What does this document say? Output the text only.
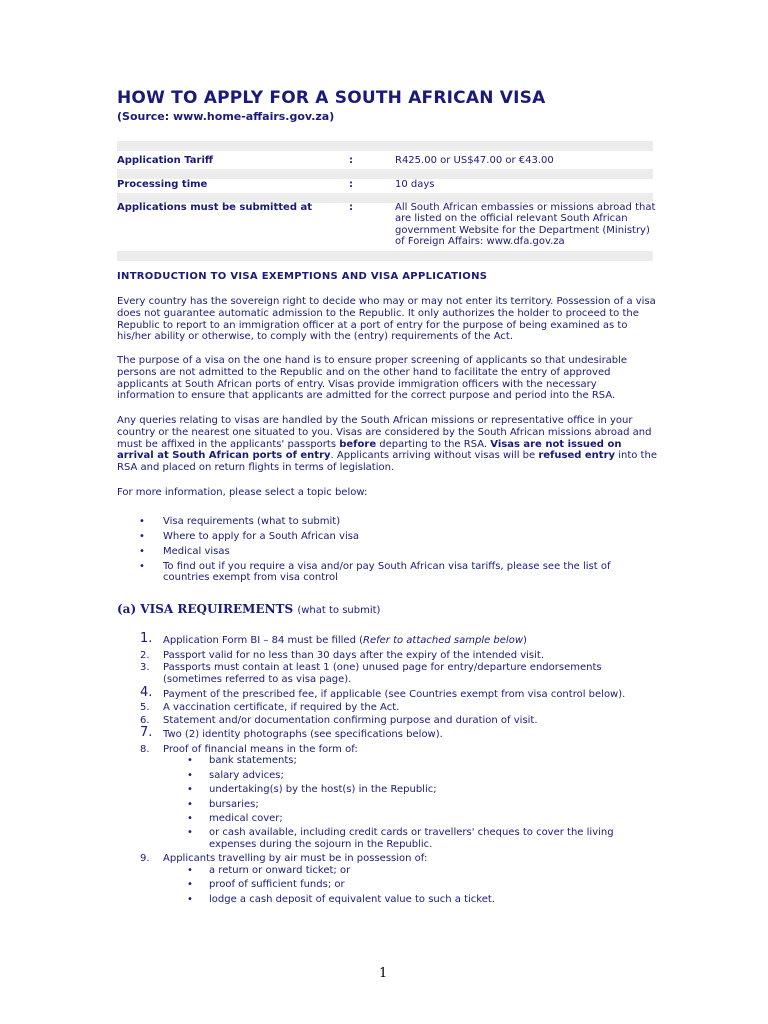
HOW TO APPLY FOR A SOUTH AFRICAN VISA
(Source: www.home-affairs.gov.za)
Application Tariff	:	R425.00 or US$47.00 or €43.00
Processing time	:	10 days
Applications must be submitted at	:	All South African embassies or missions abroad that are listed on the official relevant South African government Website for the Department (Ministry) of Foreign Affairs: www.dfa.gov.za
INTRODUCTION TO VISA EXEMPTIONS AND VISA APPLICATIONS
Every country has the sovereign right to decide who may or may not enter its territory. Possession of a visa does not guarantee automatic admission to the Republic. It only authorizes the holder to proceed to the Republic to report to an immigration officer at a port of entry for the purpose of being examined as to his/her ability or otherwise, to comply with the (entry) requirements of the Act.
The purpose of a visa on the one hand is to ensure proper screening of applicants so that undesirable persons are not admitted to the Republic and on the other hand to facilitate the entry of approved applicants at South African ports of entry. Visas provide immigration officers with the necessary information to ensure that applicants are admitted for the correct purpose and period into the RSA.
Any queries relating to visas are handled by the South African missions or representative office in your country or the nearest one situated to you. Visas are considered by the South African missions abroad and must be affixed in the applicants' passports before departing to the RSA. Visas are not issued on arrival at South African ports of entry. Applicants arriving without visas will be refused entry into the RSA and placed on return flights in terms of legislation.
For more information, please select a topic below:
• Visa requirements (what to submit)
• Where to apply for a South African visa
• Medical visas
• To find out if you require a visa and/or pay South African visa tariffs, please see the list of countries exempt from visa control
(a) VISA REQUIREMENTS (what to submit)
1. Application Form BI – 84 must be filled (Refer to attached sample below)
2. Passport valid for no less than 30 days after the expiry of the intended visit.
3. Passports must contain at least 1 (one) unused page for entry/departure endorsements (sometimes referred to as visa page).
4. Payment of the prescribed fee, if applicable (see Countries exempt from visa control below).
5. A vaccination certificate, if required by the Act.
6. Statement and/or documentation confirming purpose and duration of visit.
7. Two (2) identity photographs (see specifications below).
8. Proof of financial means in the form of:
• bank statements;
• salary advices;
• undertaking(s) by the host(s) in the Republic;
• bursaries;
• medical cover;
• or cash available, including credit cards or travellers' cheques to cover the living expenses during the sojourn in the Republic.
9. Applicants travelling by air must be in possession of:
• a return or onward ticket; or
• proof of sufficient funds; or
• lodge a cash deposit of equivalent value to such a ticket.
1
